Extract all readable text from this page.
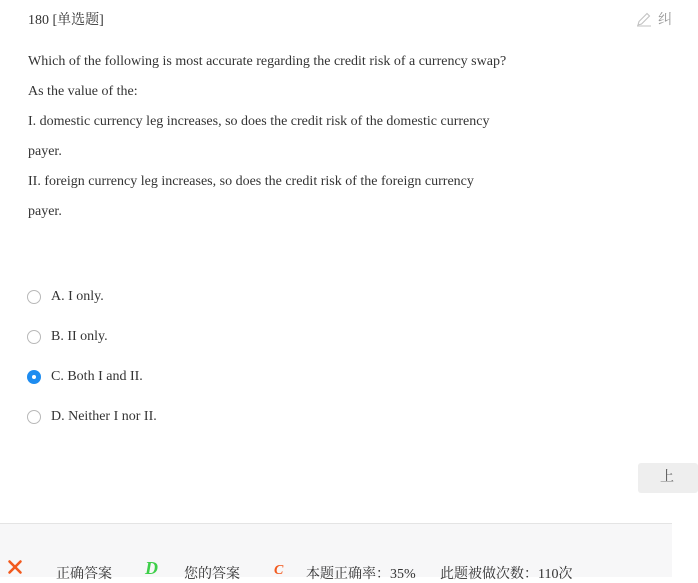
180 [单选题]	纠

Which of the following is most accurate regarding the credit risk of a currency swap?

As the value of the:

I. domestic currency leg increases, so does the credit risk of the domestic currency

payer.

II. foreign currency leg increases, so does the credit risk of the foreign currency

payer.

A. I only.
B. II only.
C. Both I and II.
D. Neither I nor II.
上
正确答案 D 您的答案 C 本题正确率：35% 此题被做次数：110次
